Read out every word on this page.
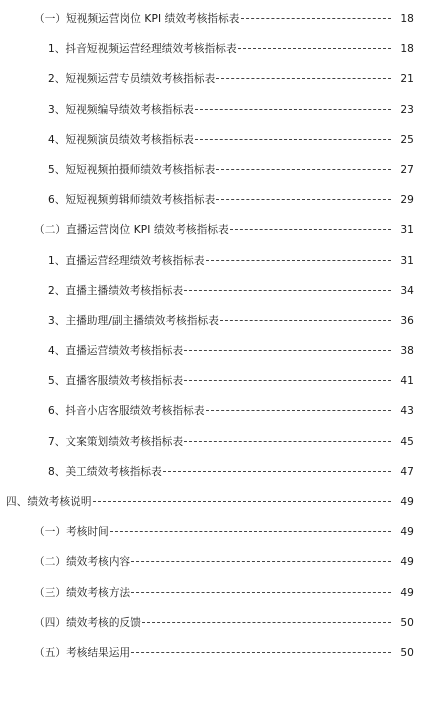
（一） 短视频运营岗位 KPI 绩效考核指标表	18
1、 抖音短视频运营经理绩效考核指标表	18
2、 短视频运营专员绩效考核指标表	21
3、 短视频编导绩效考核指标表	23
4、 短视频演员绩效考核指标表	25
5、 短短视频拍摄师绩效考核指标表	27
6、 短短视频剪辑师绩效考核指标表	29
（二） 直播运营岗位 KPI 绩效考核指标表	31
1、 直播运营经理绩效考核指标表	31
2、 直播主播绩效考核指标表	34
3、 主播助理/副主播绩效考核指标表	36
4、 直播运营绩效考核指标表	38
5、 直播客服绩效考核指标表	41
6、 抖音小店客服绩效考核指标表	43
7、 文案策划绩效考核指标表	45
8、 美工绩效考核指标表	47
四、 绩效考核说明	49
（一） 考核时间	49
（二） 绩效考核内容	49
（三） 绩效考核方法	49
（四） 绩效考核的反馈	50
（五） 考核结果运用	50
